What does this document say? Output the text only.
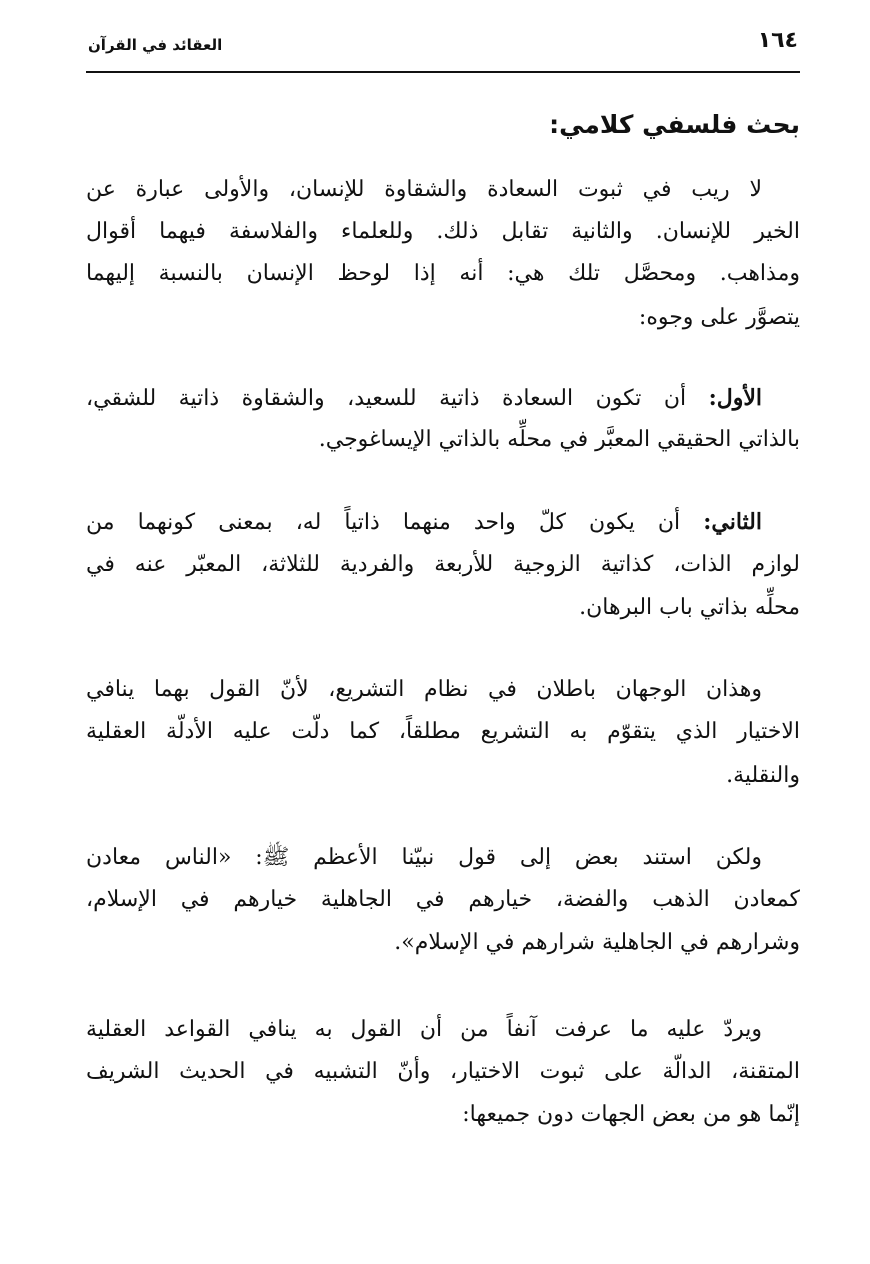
١٦٤
العقائد في القرآن
بحث فلسفي كلامي:
لا ريب في ثبوت السعادة والشقاوة للإنسان، والأولى عبارة عن
الخير للإنسان. والثانية تقابل ذلك. وللعلماء والفلاسفة فيهما أقوال
ومذاهب. ومحصَّل تلك هي: أنه إذا لوحظ الإنسان بالنسبة إليهما
يتصوَّر على وجوه:
الأول: أن تكون السعادة ذاتية للسعيد، والشقاوة ذاتية للشقي،
بالذاتي الحقيقي المعبَّر في محلِّه بالذاتي الإيساغوجي.
الثاني: أن يكون كلّ واحد منهما ذاتياً له، بمعنى كونهما من
لوازم الذات، كذاتية الزوجية للأربعة والفردية للثلاثة، المعبّر عنه في
محلِّه بذاتي باب البرهان.
وهذان الوجهان باطلان في نظام التشريع، لأنّ القول بهما ينافي
الاختيار الذي يتقوّم به التشريع مطلقاً، كما دلّت عليه الأدلّة العقلية
والنقلية.
ولكن استند بعض إلى قول نبيّنا الأعظم ﷺ: «الناس معادن
كمعادن الذهب والفضة، خيارهم في الجاهلية خيارهم في الإسلام،
وشرارهم في الجاهلية شرارهم في الإسلام».
ويردّ عليه ما عرفت آنفاً من أن القول به ينافي القواعد العقلية
المتقنة، الدالّة على ثبوت الاختيار، وأنّ التشبيه في الحديث الشريف
إنّما هو من بعض الجهات دون جميعها:
